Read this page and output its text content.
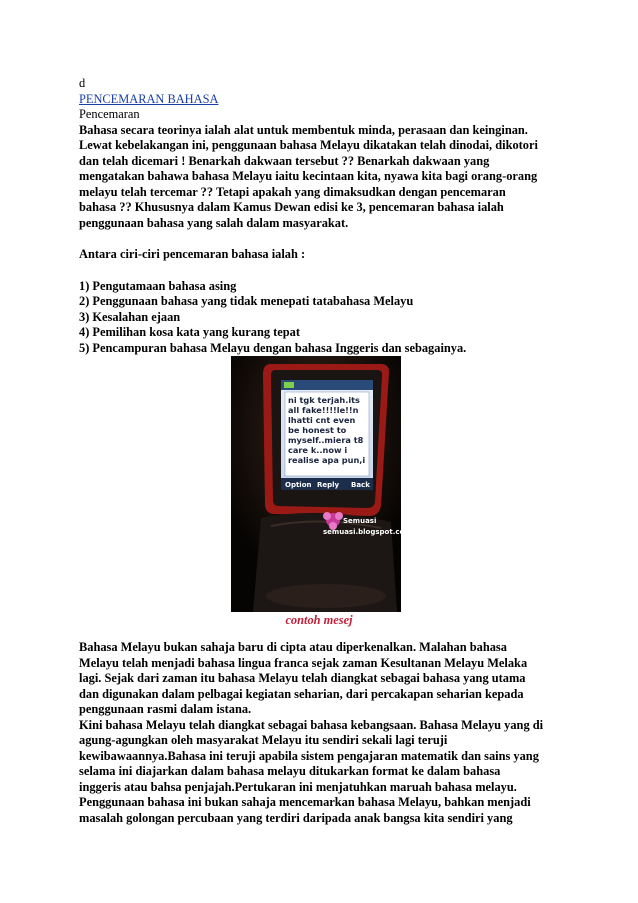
d
PENCEMARAN BAHASA
Pencemaran
Bahasa secara teorinya ialah alat untuk membentuk minda, perasaan dan keinginan.
Lewat kebelakangan ini, penggunaan bahasa Melayu dikatakan telah dinodai, dikotori
dan telah dicemari ! Benarkah dakwaan tersebut ?? Benarkah dakwaan yang
mengatakan bahawa bahasa Melayu iaitu kecintaan kita, nyawa kita bagi orang-orang
melayu telah tercemar ?? Tetapi apakah yang dimaksudkan dengan pencemaran
bahasa ?? Khususnya dalam Kamus Dewan edisi ke 3, pencemaran bahasa ialah
penggunaan bahasa yang salah dalam masyarakat.
Antara ciri-ciri pencemaran bahasa ialah :
1) Pengutamaan bahasa asing
2) Penggunaan bahasa yang tidak menepati tatabahasa Melayu
3) Kesalahan ejaan
4) Pemilihan kosa kata yang kurang tepat
5) Pencampuran bahasa Melayu dengan bahasa Inggeris dan sebagainya.
ni tgk terjah.its
all fake!!!!le!!n
lhatti cnt even
be honest to
myself..miera t8
care k..now i
realise apa pun,i
Option Reply Back
Semuasi
semuasi.blogspot.com
contoh mesej
Bahasa Melayu bukan sahaja baru di cipta atau diperkenalkan. Malahan bahasa
Melayu telah menjadi bahasa lingua franca sejak zaman Kesultanan Melayu Melaka
lagi. Sejak dari zaman itu bahasa Melayu telah diangkat sebagai bahasa yang utama
dan digunakan dalam pelbagai kegiatan seharian, dari percakapan seharian kepada
penggunaan rasmi dalam istana.
Kini bahasa Melayu telah diangkat sebagai bahasa kebangsaan. Bahasa Melayu yang di
agung-agungkan oleh masyarakat Melayu itu sendiri sekali lagi teruji
kewibawaannya.Bahasa ini teruji apabila sistem pengajaran matematik dan sains yang
selama ini diajarkan dalam bahasa melayu ditukarkan format ke dalam bahasa
inggeris atau bahsa penjajah.Pertukaran ini menjatuhkan maruah bahasa melayu.
Penggunaan bahasa ini bukan sahaja mencemarkan bahasa Melayu, bahkan menjadi
masalah golongan percubaan yang terdiri daripada anak bangsa kita sendiri yang
